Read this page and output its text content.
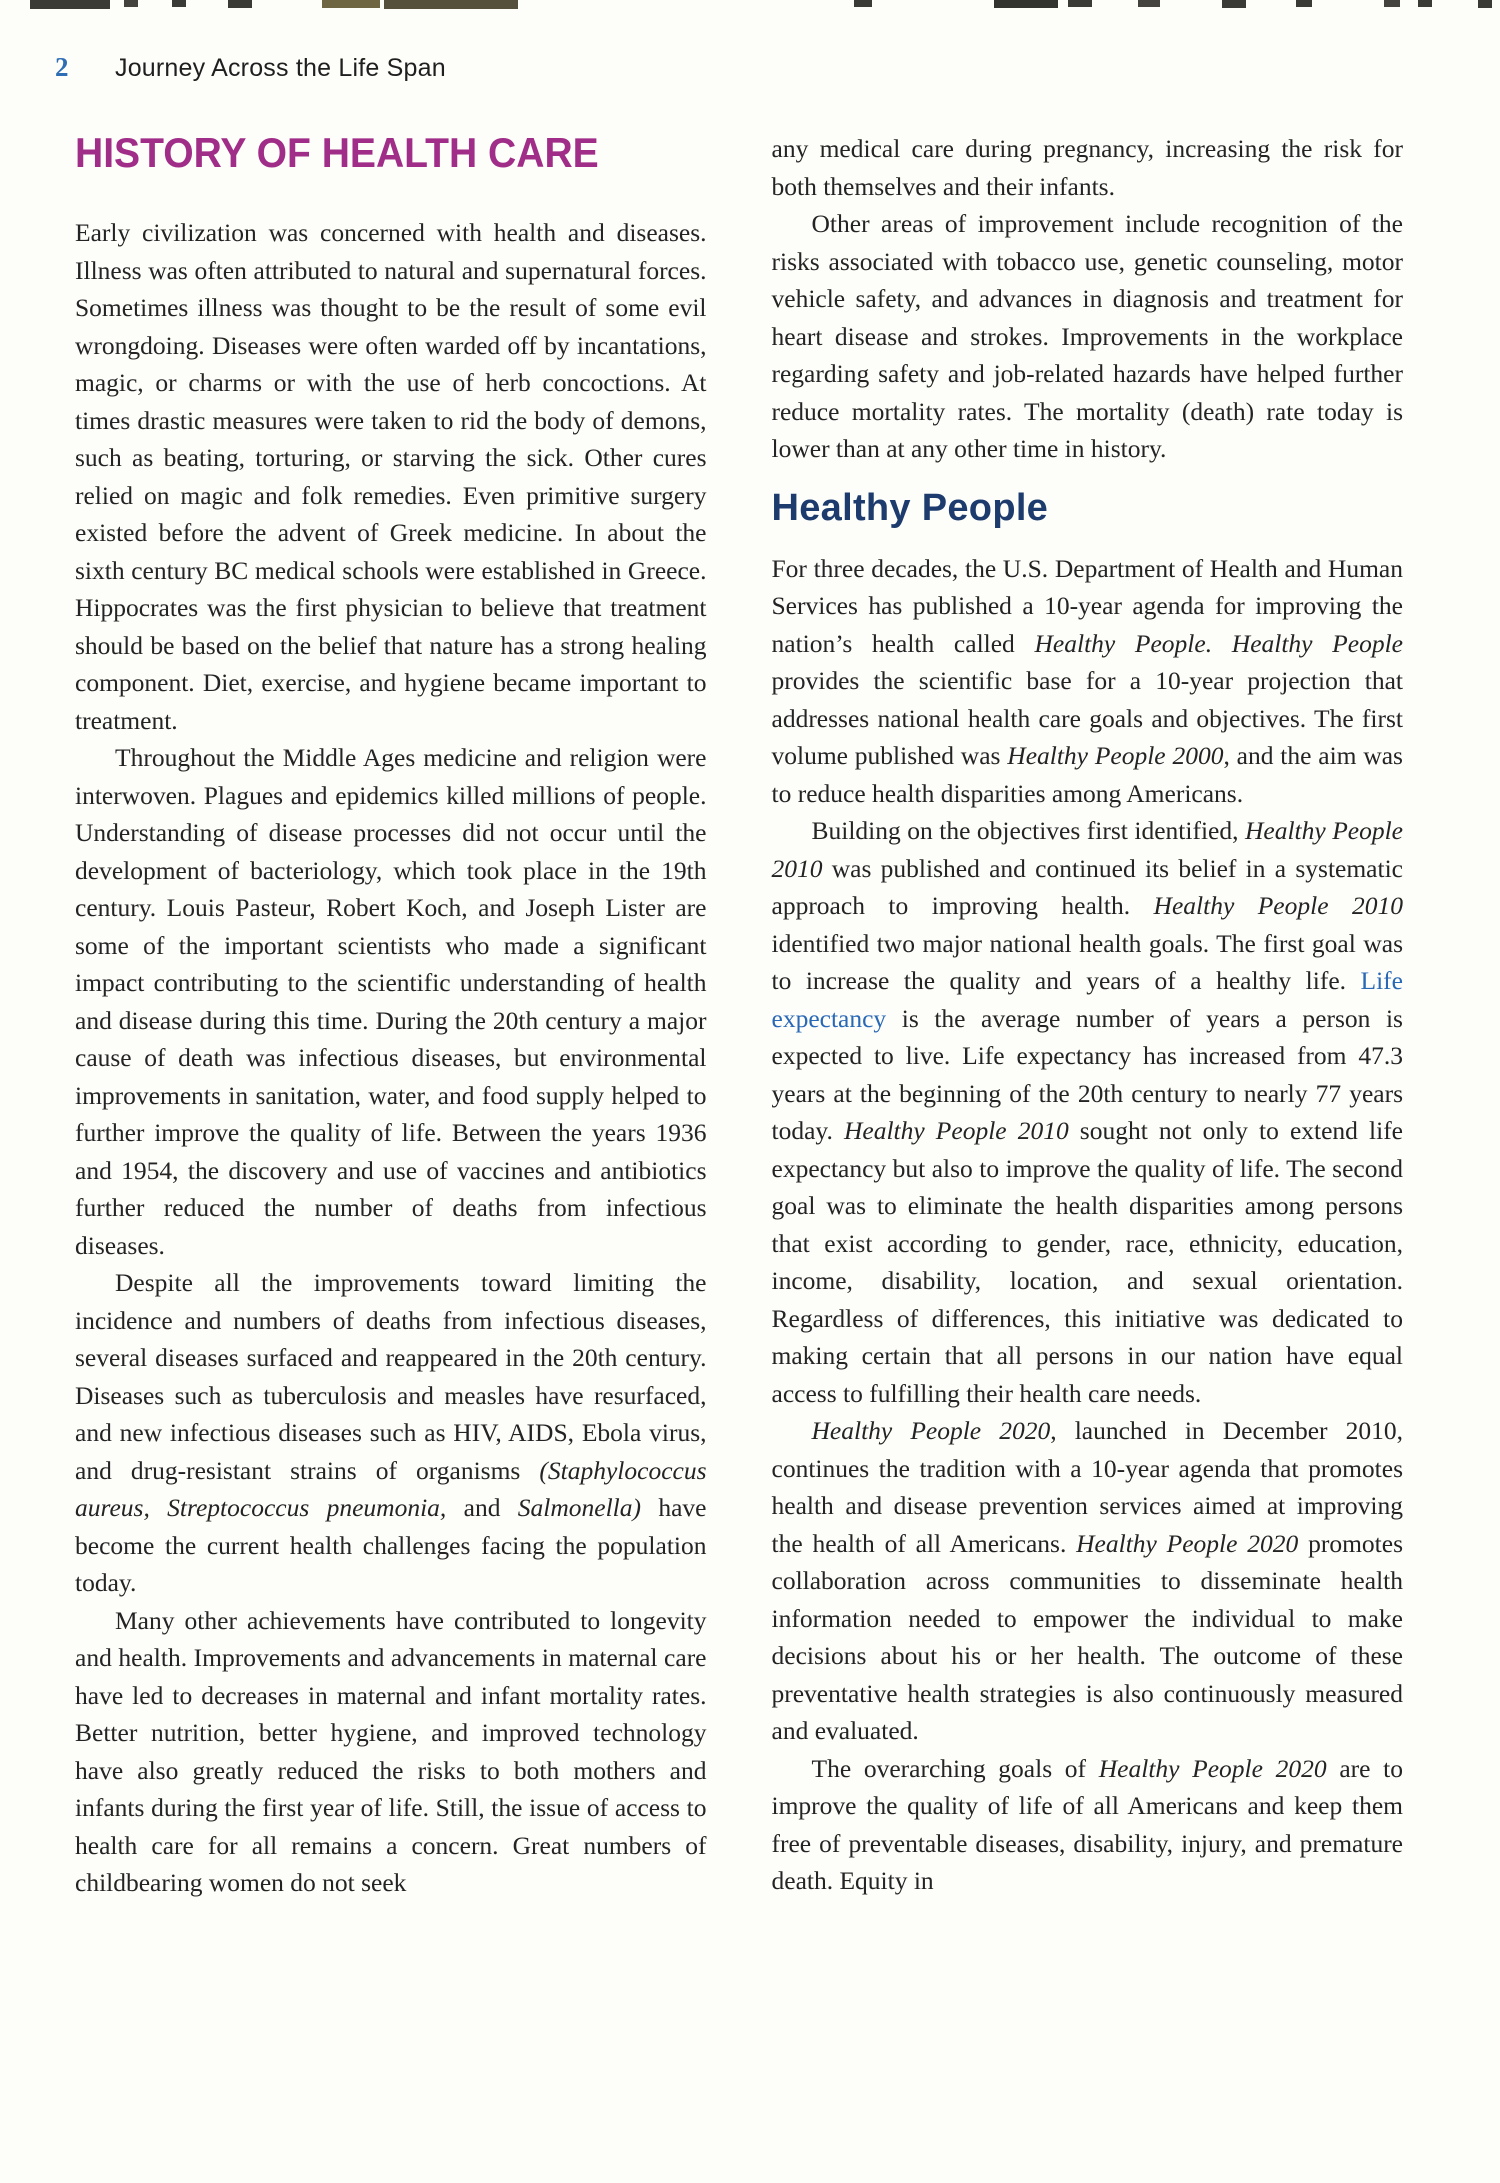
2 Journey Across the Life Span
HISTORY OF HEALTH CARE

Early civilization was concerned with health and diseases. Illness was often attributed to natural and supernatural forces. Sometimes illness was thought to be the result of some evil wrongdoing. Diseases were often warded off by incantations, magic, or charms or with the use of herb concoctions. At times drastic measures were taken to rid the body of demons, such as beating, torturing, or starving the sick. Other cures relied on magic and folk remedies. Even primitive surgery existed before the advent of Greek medicine. In about the sixth century BC medical schools were established in Greece. Hippocrates was the first physician to believe that treatment should be based on the belief that nature has a strong healing component. Diet, exercise, and hygiene became important to treatment.

Throughout the Middle Ages medicine and religion were interwoven. Plagues and epidemics killed millions of people. Understanding of disease processes did not occur until the development of bacteriology, which took place in the 19th century. Louis Pasteur, Robert Koch, and Joseph Lister are some of the important scientists who made a significant impact contributing to the scientific understanding of health and disease during this time. During the 20th century a major cause of death was infectious diseases, but environmental improvements in sanitation, water, and food supply helped to further improve the quality of life. Between the years 1936 and 1954, the discovery and use of vaccines and antibiotics further reduced the number of deaths from infectious diseases.

Despite all the improvements toward limiting the incidence and numbers of deaths from infectious diseases, several diseases surfaced and reappeared in the 20th century. Diseases such as tuberculosis and measles have resurfaced, and new infectious diseases such as HIV, AIDS, Ebola virus, and drug-resistant strains of organisms (Staphylococcus aureus, Streptococcus pneumonia, and Salmonella) have become the current health challenges facing the population today.

Many other achievements have contributed to longevity and health. Improvements and advancements in maternal care have led to decreases in maternal and infant mortality rates. Better nutrition, better hygiene, and improved technology have also greatly reduced the risks to both mothers and infants during the first year of life. Still, the issue of access to health care for all remains a concern. Great numbers of childbearing women do not seek

any medical care during pregnancy, increasing the risk for both themselves and their infants.

Other areas of improvement include recognition of the risks associated with tobacco use, genetic counseling, motor vehicle safety, and advances in diagnosis and treatment for heart disease and strokes. Improvements in the workplace regarding safety and job-related hazards have helped further reduce mortality rates. The mortality (death) rate today is lower than at any other time in history.

Healthy People

For three decades, the U.S. Department of Health and Human Services has published a 10-year agenda for improving the nation’s health called Healthy People. Healthy People provides the scientific base for a 10-year projection that addresses national health care goals and objectives. The first volume published was Healthy People 2000, and the aim was to reduce health disparities among Americans.

Building on the objectives first identified, Healthy People 2010 was published and continued its belief in a systematic approach to improving health. Healthy People 2010 identified two major national health goals. The first goal was to increase the quality and years of a healthy life. Life expectancy is the average number of years a person is expected to live. Life expectancy has increased from 47.3 years at the beginning of the 20th century to nearly 77 years today. Healthy People 2010 sought not only to extend life expectancy but also to improve the quality of life. The second goal was to eliminate the health disparities among persons that exist according to gender, race, ethnicity, education, income, disability, location, and sexual orientation. Regardless of differences, this initiative was dedicated to making certain that all persons in our nation have equal access to fulfilling their health care needs.

Healthy People 2020, launched in December 2010, continues the tradition with a 10-year agenda that promotes health and disease prevention services aimed at improving the health of all Americans. Healthy People 2020 promotes collaboration across communities to disseminate health information needed to empower the individual to make decisions about his or her health. The outcome of these preventative health strategies is also continuously measured and evaluated.

The overarching goals of Healthy People 2020 are to improve the quality of life of all Americans and keep them free of preventable diseases, disability, injury, and premature death. Equity in
